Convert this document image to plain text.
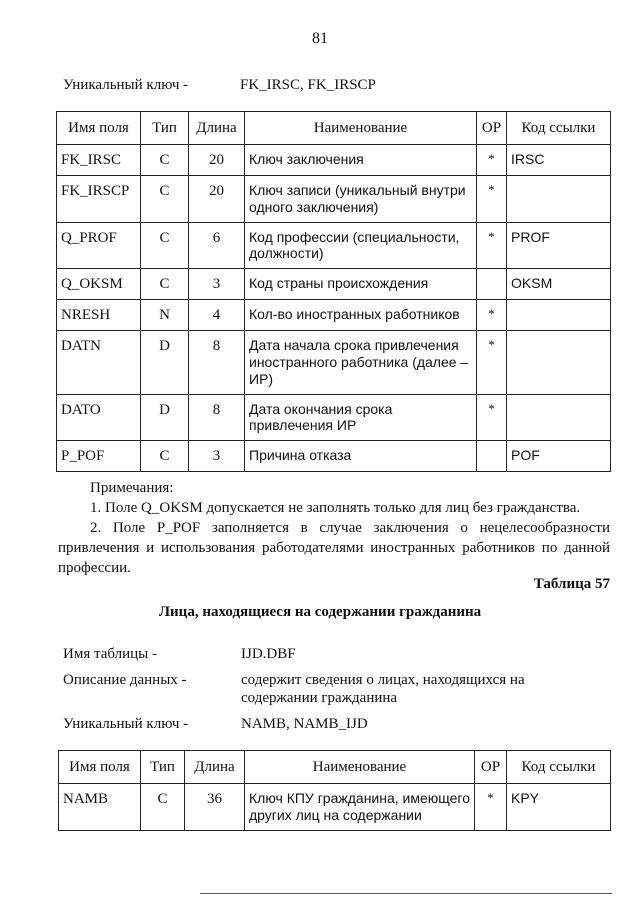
81
Уникальный ключ -	FK_IRSC, FK_IRSCP
Имя поля	Тип	Длина	Наименование	ОР	Код ссылки
FK_IRSC	C	20	Ключ заключения	*	IRSC
FK_IRSCP	C	20	Ключ записи (уникальный внутри одного заключения)	*	
Q_PROF	C	6	Код профессии (специальности, должности)	*	PROF
Q_OKSM	C	3	Код страны происхождения		OKSM
NRESH	N	4	Кол-во иностранных работников	*	
DATN	D	8	Дата начала срока привлечения иностранного работника (далее – ИР)	*	
DATO	D	8	Дата окончания срока привлечения ИР	*	
P_POF	C	3	Причина отказа		POF
Примечания:
1. Поле Q_OKSM допускается не заполнять только для лиц без гражданства.
2. Поле P_POF заполняется в случае заключения о нецелесообразности привлечения и использования работодателями иностранных работников по данной профессии.
Таблица 57
Лица, находящиеся на содержании гражданина
Имя таблицы -	IJD.DBF
Описание данных -	содержит сведения о лицах, находящихся на содержании гражданина
Уникальный ключ -	NAMB, NAMB_IJD
Имя поля	Тип	Длина	Наименование	ОР	Код ссылки
NAMB	C	36	Ключ КПУ гражданина, имеющего других лиц на содержании	*	KPY
